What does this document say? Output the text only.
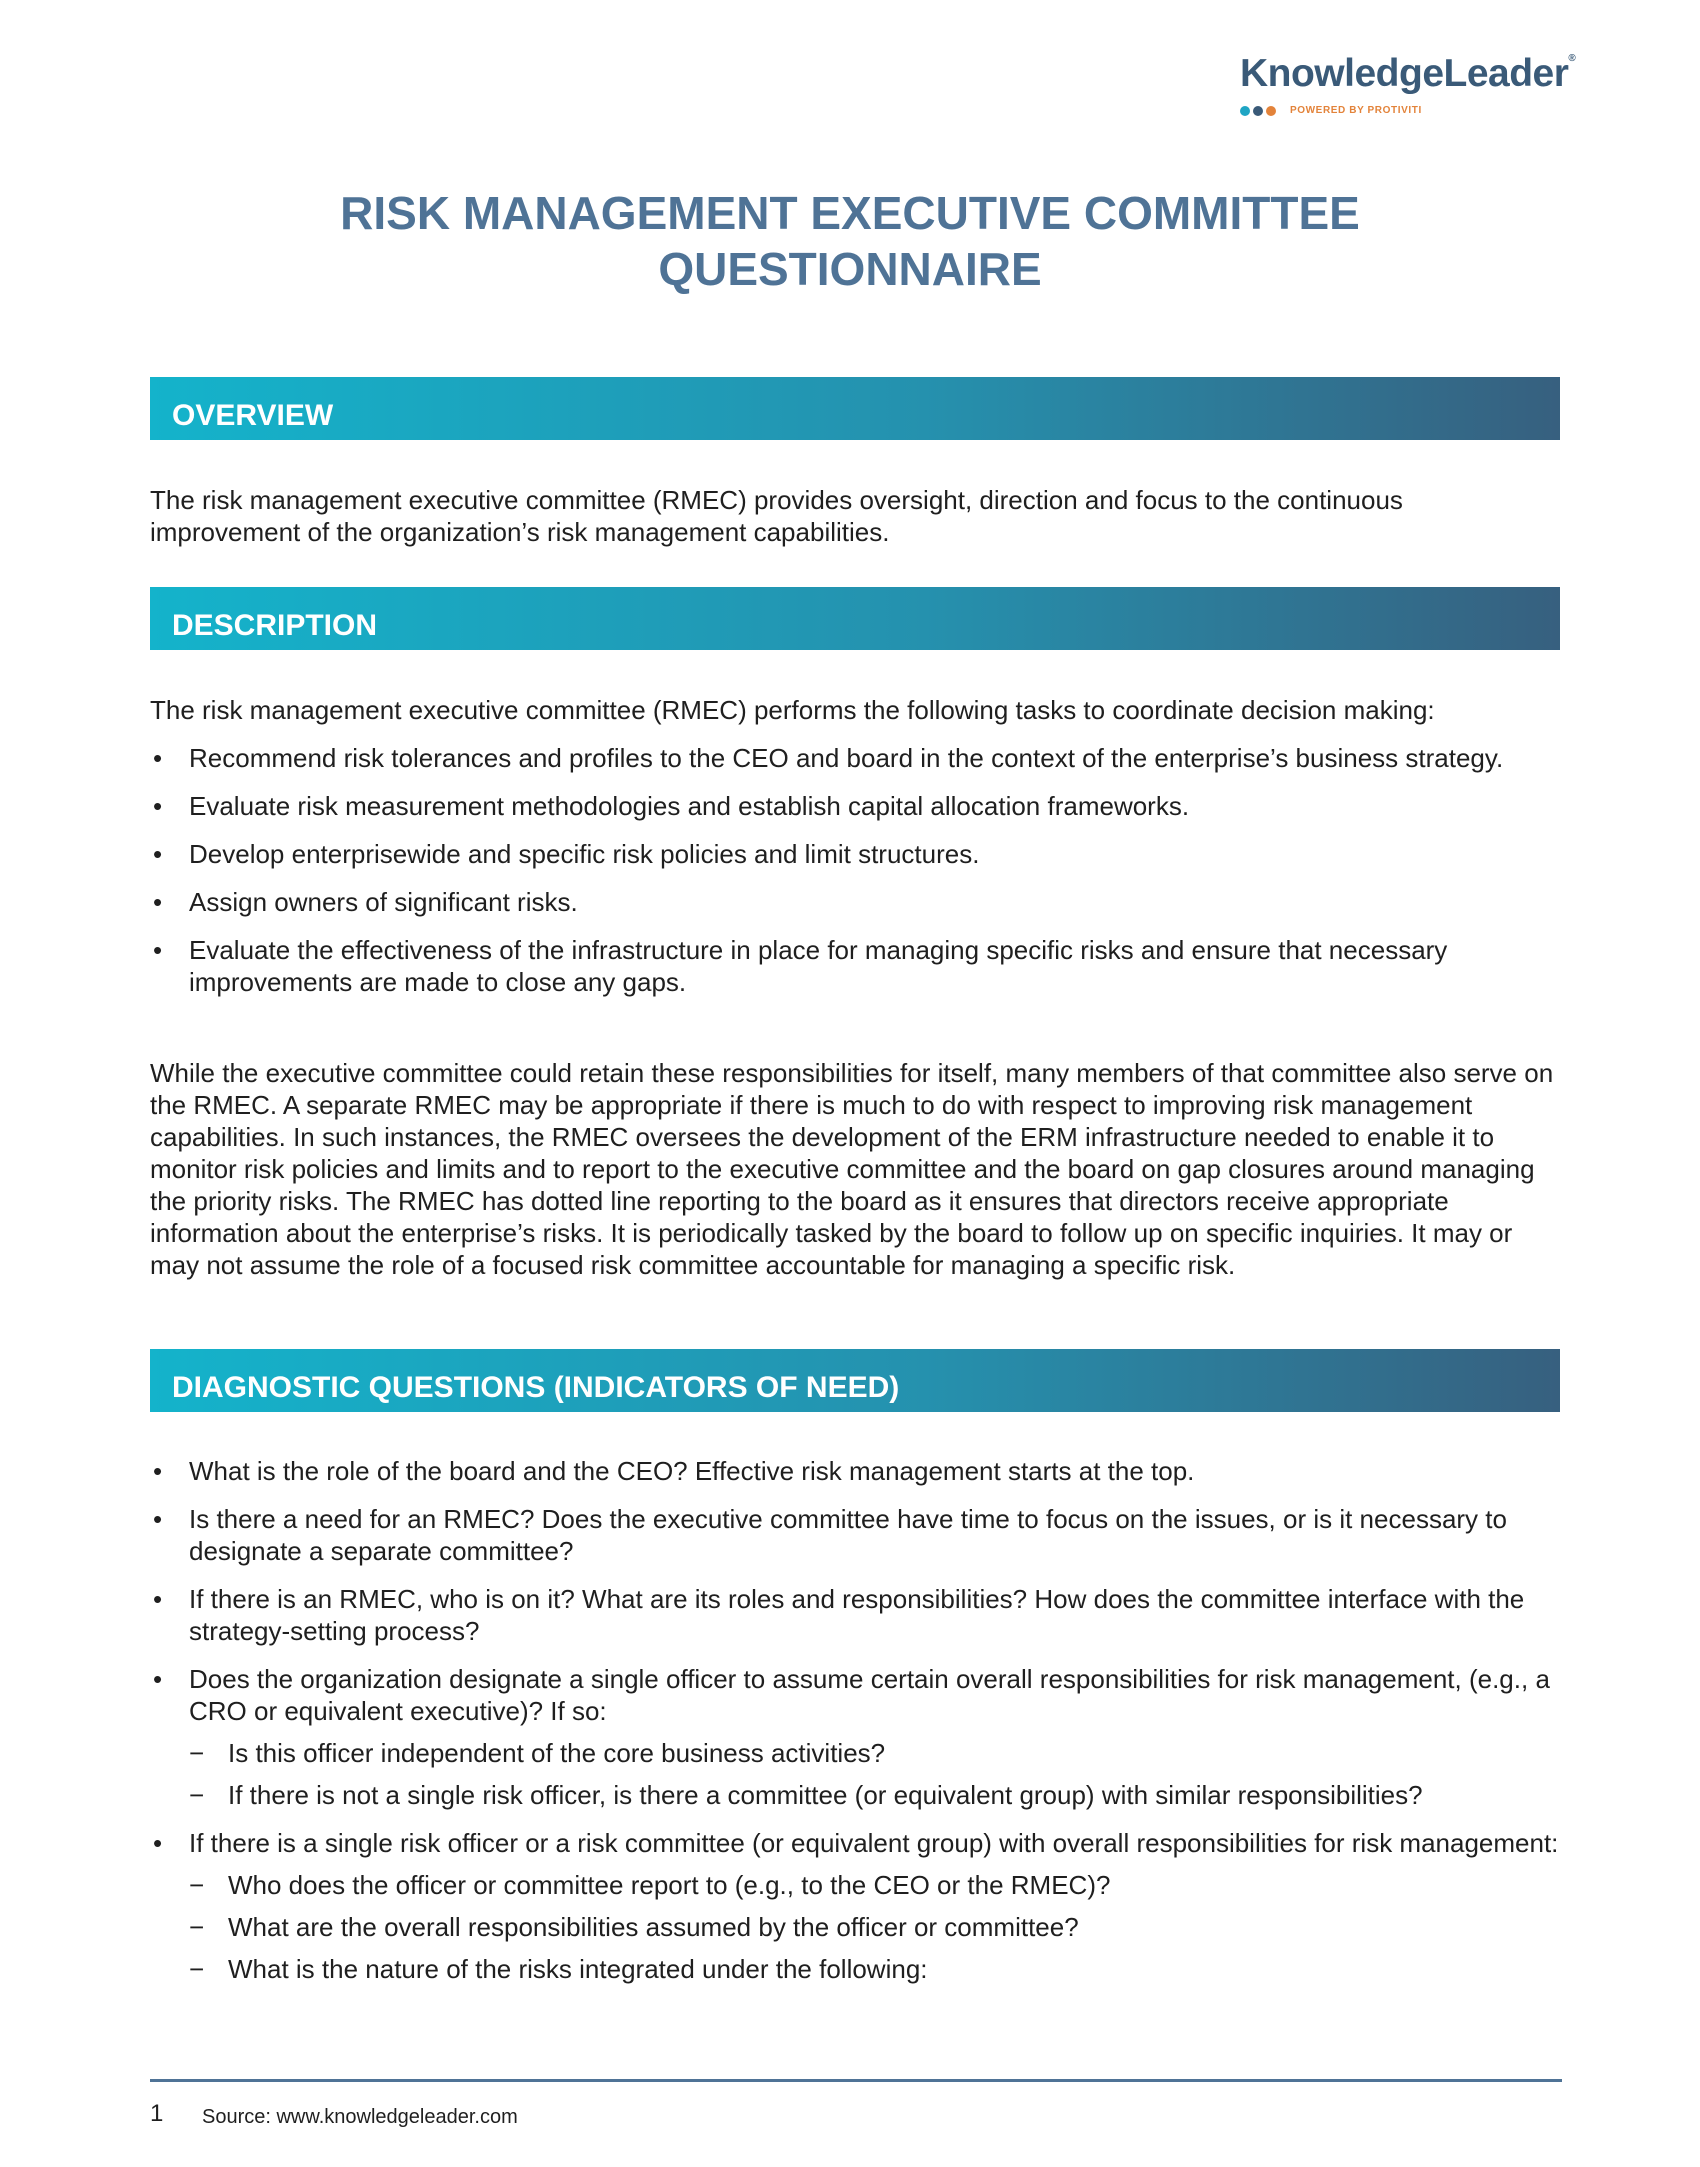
KnowledgeLeader®
POWERED BY PROTIVITI
RISK MANAGEMENT EXECUTIVE COMMITTEE
QUESTIONNAIRE
OVERVIEW

The risk management executive committee (RMEC) provides oversight, direction and focus to the continuous improvement of the organization’s risk management capabilities.

DESCRIPTION

The risk management executive committee (RMEC) performs the following tasks to coordinate decision making:

• Recommend risk tolerances and profiles to the CEO and board in the context of the enterprise’s business strategy.
• Evaluate risk measurement methodologies and establish capital allocation frameworks.
• Develop enterprisewide and specific risk policies and limit structures.
• Assign owners of significant risks.
• Evaluate the effectiveness of the infrastructure in place for managing specific risks and ensure that necessary improvements are made to close any gaps.

While the executive committee could retain these responsibilities for itself, many members of that committee also serve on the RMEC. A separate RMEC may be appropriate if there is much to do with respect to improving risk management capabilities. In such instances, the RMEC oversees the development of the ERM infrastructure needed to enable it to monitor risk policies and limits and to report to the executive committee and the board on gap closures around managing the priority risks. The RMEC has dotted line reporting to the board as it ensures that directors receive appropriate information about the enterprise’s risks. It is periodically tasked by the board to follow up on specific inquiries. It may or may not assume the role of a focused risk committee accountable for managing a specific risk.

DIAGNOSTIC QUESTIONS (INDICATORS OF NEED)
• What is the role of the board and the CEO? Effective risk management starts at the top.
• Is there a need for an RMEC? Does the executive committee have time to focus on the issues, or is it necessary to designate a separate committee?
• If there is an RMEC, who is on it? What are its roles and responsibilities? How does the committee interface with the strategy-setting process?
• Does the organization designate a single officer to assume certain overall responsibilities for risk management, (e.g., a CRO or equivalent executive)? If so:
− Is this officer independent of the core business activities?
− If there is not a single risk officer, is there a committee (or equivalent group) with similar responsibilities?
• If there is a single risk officer or a risk committee (or equivalent group) with overall responsibilities for risk management:
− Who does the officer or committee report to (e.g., to the CEO or the RMEC)?
− What are the overall responsibilities assumed by the officer or committee?
− What is the nature of the risks integrated under the following:
1 Source: www.knowledgeleader.com
